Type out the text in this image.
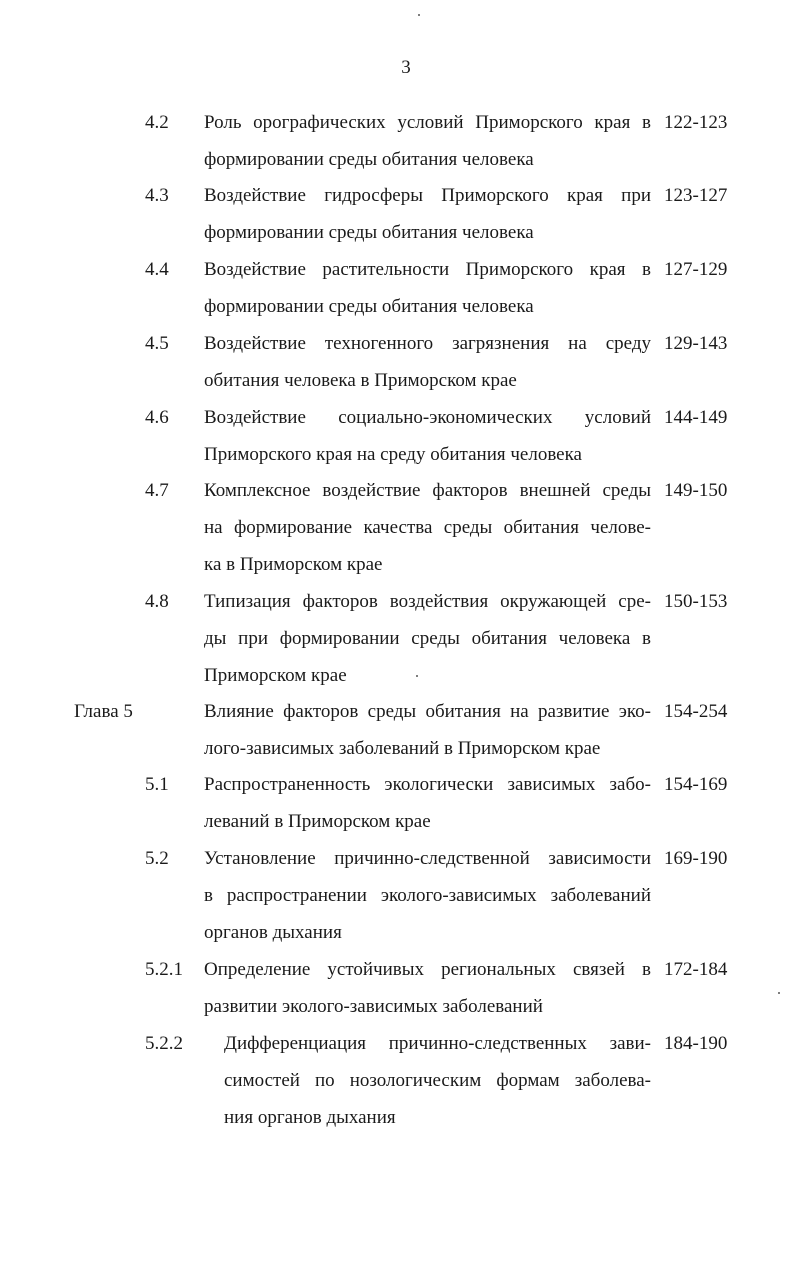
3
4.2 Роль орографических условий Приморского края в
формировании среды обитания человека
122-123
4.3 Воздействие гидросферы Приморского края при
формировании среды обитания человека
123-127
4.4 Воздействие растительности Приморского края в
формировании среды обитания человека
127-129
4.5 Воздействие техногенного загрязнения на среду
обитания человека в Приморском крае
129-143
4.6 Воздействие социально-экономических условий
Приморского края на среду обитания человека
144-149
4.7 Комплексное воздействие факторов внешней среды
на формирование качества среды обитания челове-
ка в Приморском крае
149-150
4.8 Типизация факторов воздействия окружающей сре-
ды при формировании среды обитания человека в
Приморском крае
150-153
Глава 5	Влияние факторов среды обитания на развитие эко-
лого-зависимых заболеваний в Приморском крае
154-254
5.1 Распространенность экологически зависимых забо-
леваний в Приморском крае
154-169
5.2 Установление причинно-следственной зависимости
в распространении эколого-зависимых заболеваний
органов дыхания
169-190
5.2.1 Определение устойчивых региональных связей в
развитии эколого-зависимых заболеваний
172-184
5.2.2 Дифференциация причинно-следственных зави-
симостей по нозологическим формам заболева-
ния органов дыхания
184-190
